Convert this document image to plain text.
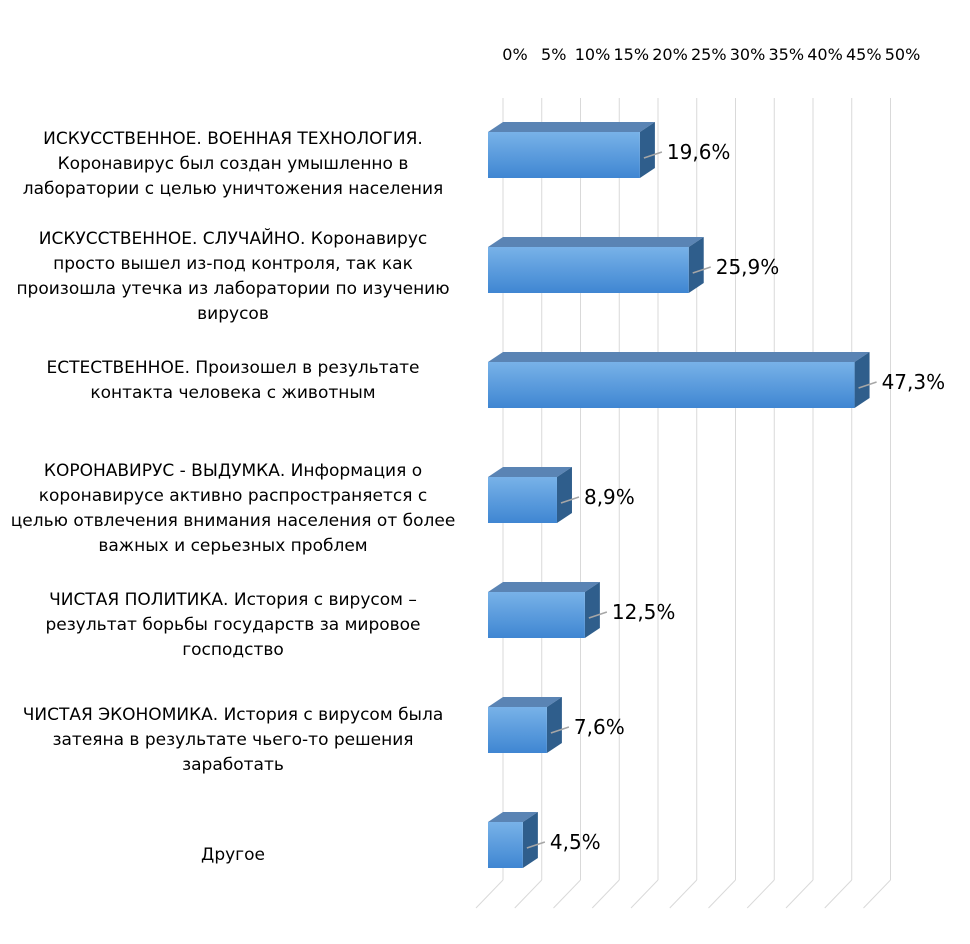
0% 5% 10% 15% 20% 25% 30% 35% 40% 45% 50%
19,6%
25,9%
47,3%
8,9%
12,5%
7,6%
4,5%
ИСКУССТВЕННОЕ. ВОЕННАЯ ТЕХНОЛОГИЯ. Коронавирус был создан умышленно в лаборатории с целью уничтожения населения
ИСКУССТВЕННОЕ. СЛУЧАЙНО. Коронавирус просто вышел из-под контроля, так как произошла утечка из лаборатории по изучению вирусов
ЕСТЕСТВЕННОЕ. Произошел в результате контакта человека с животным
КОРОНАВИРУС - ВЫДУМКА. Информация о коронавирусе активно распространяется с целью отвлечения внимания населения от более важных и серьезных проблем
ЧИСТАЯ ПОЛИТИКА. История с вирусом – результат борьбы государств за мировое господство
ЧИСТАЯ ЭКОНОМИКА. История с вирусом была затеяна в результате чьего-то решения заработать
Другое
